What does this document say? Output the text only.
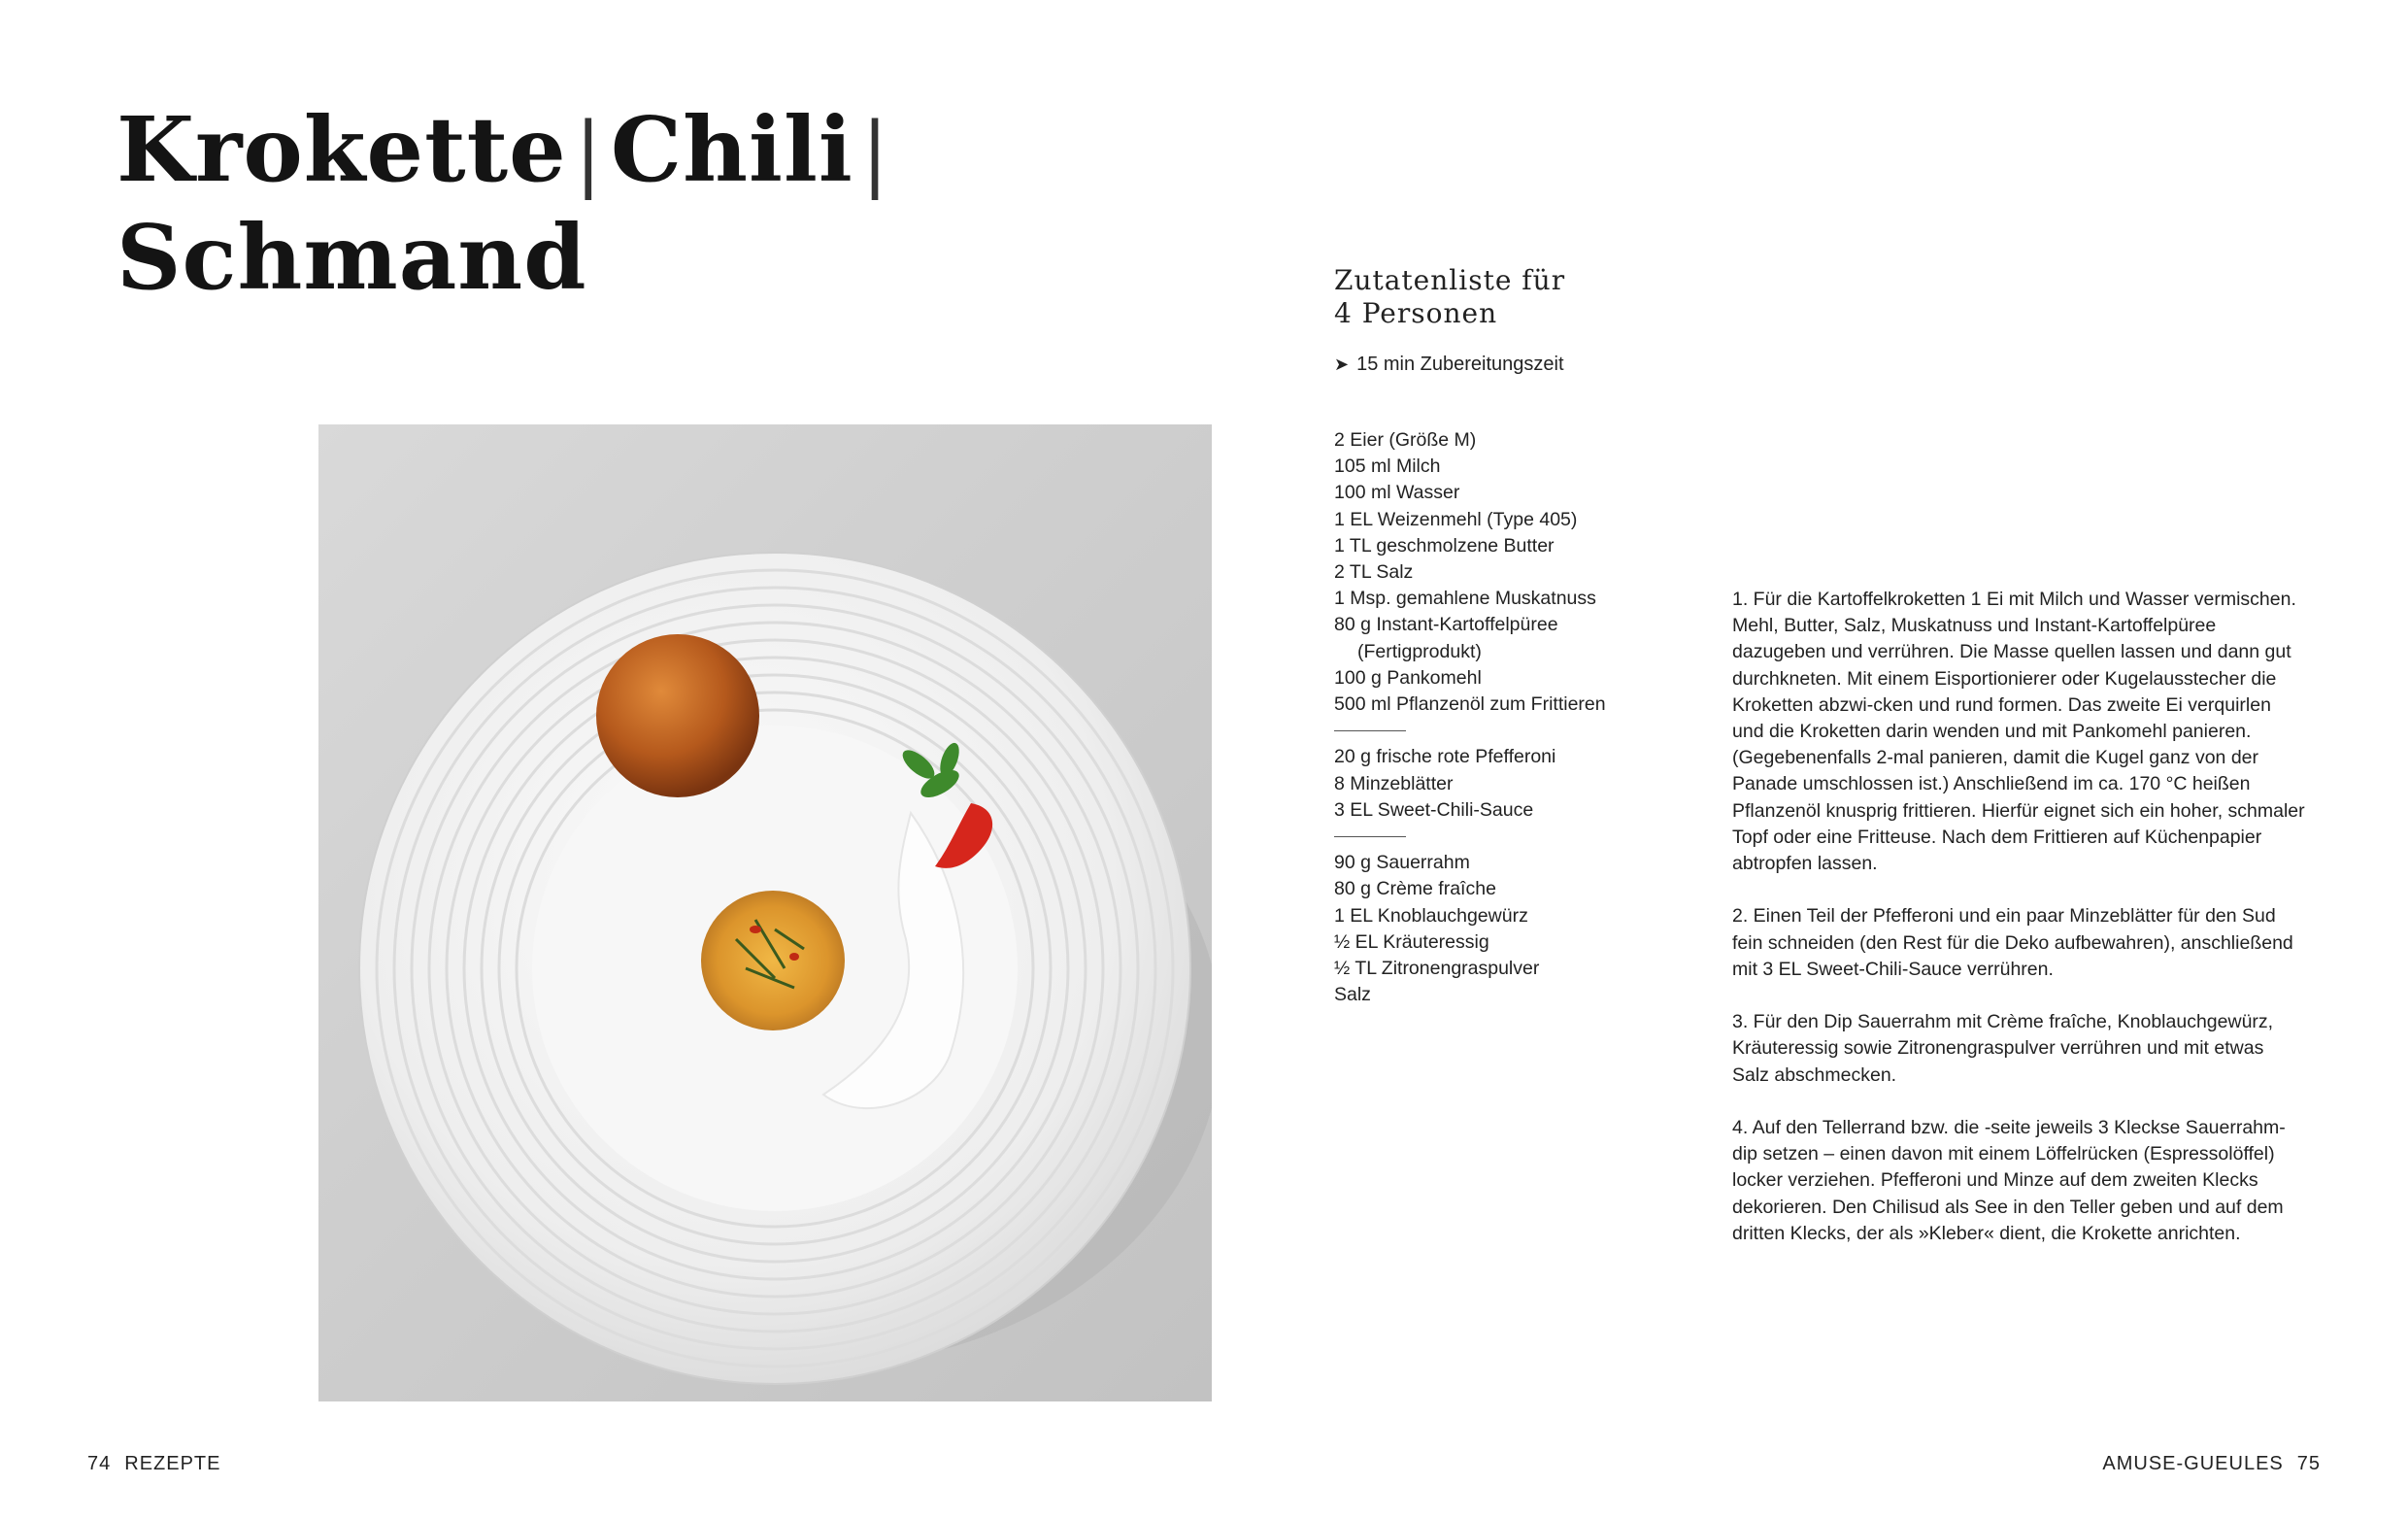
Krokette|Chili|
Schmand	Zutatenliste für
4 Personen
➤ 15 min Zubereitungszeit
2 Eier (Größe M)
105 ml Milch
100 ml Wasser
1 EL Weizenmehl (Type 405)
1 TL geschmolzene Butter
2 TL Salz
1 Msp. gemahlene Muskatnuss
80 g Instant-Kartoffelpüree
(Fertigprodukt)
100 g Pankomehl
500 ml Pflanzenöl zum Frittieren
20 g frische rote Pfefferoni
8 Minzeblätter
3 EL Sweet-Chili-Sauce
90 g Sauerrahm
80 g Crème fraîche
1 EL Knoblauchgewürz
½ EL Kräuteressig
½ TL Zitronengraspulver
Salz

1. Für die Kartoffelkroketten 1 Ei mit Milch und Wasser vermischen. Mehl, Butter, Salz, Muskatnuss und Instant-Kartoffelpüree dazugeben und verrühren. Die Masse quellen lassen und dann gut durchkneten. Mit einem Eisportionierer oder Kugelausstecher die Kroketten abzwi-cken und rund formen. Das zweite Ei verquirlen und die Kroketten darin wenden und mit Pankomehl panieren. (Gegebenenfalls 2-mal panieren, damit die Kugel ganz von der Panade umschlossen ist.) Anschließend im ca. 170 °C heißen Pflanzenöl knusprig frittieren. Hierfür eignet sich ein hoher, schmaler Topf oder eine Fritteuse. Nach dem Frittieren auf Küchenpapier abtropfen lassen.

2. Einen Teil der Pfefferoni und ein paar Minzeblätter für den Sud fein schneiden (den Rest für die Deko aufbewahren), anschließend mit 3 EL Sweet-Chili-Sauce verrühren.

3. Für den Dip Sauerrahm mit Crème fraîche, Knoblauchgewürz, Kräuteressig sowie Zitronengraspulver verrühren und mit etwas Salz abschmecken.

4. Auf den Tellerrand bzw. die -seite jeweils 3 Kleckse Sauerrahm-dip setzen – einen davon mit einem Löffelrücken (Espressolöffel) locker verziehen. Pfefferoni und Minze auf dem zweiten Klecks dekorieren. Den Chilisud als See in den Teller geben und auf dem dritten Klecks, der als »Kleber« dient, die Krokette anrichten.

74 REZEPTE	AMUSE-GUEULES 75
